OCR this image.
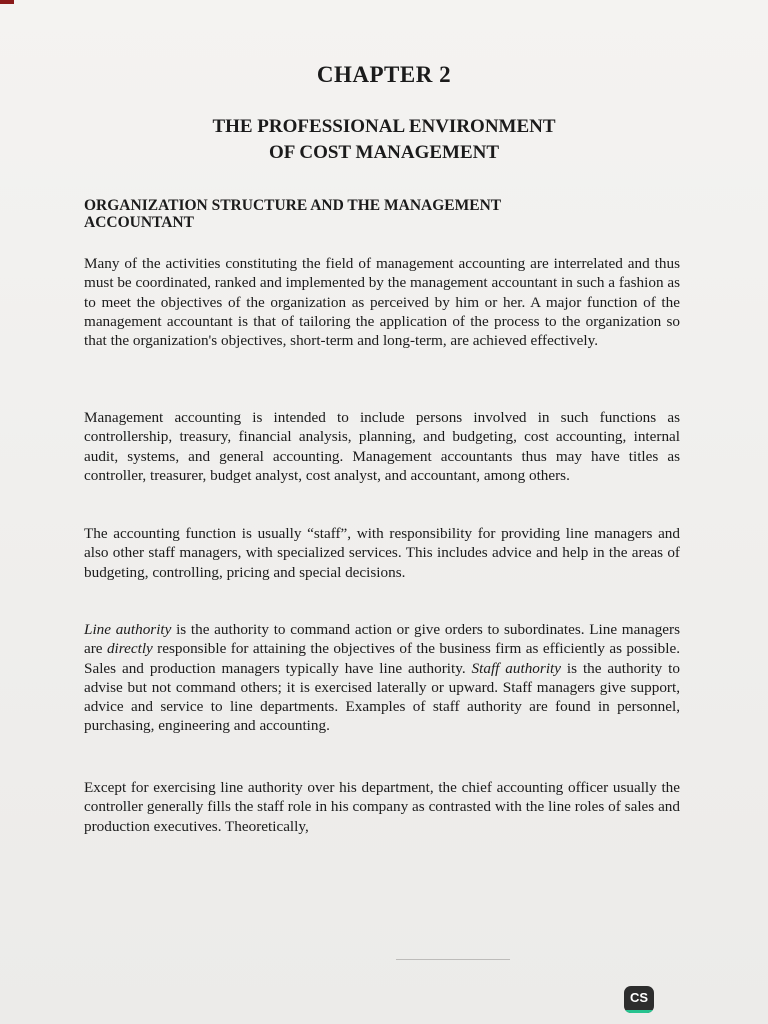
CHAPTER 2
THE PROFESSIONAL ENVIRONMENT
OF COST MANAGEMENT
ORGANIZATION STRUCTURE AND THE MANAGEMENT
ACCOUNTANT

Many of the activities constituting the field of management accounting are interrelated and thus must be coordinated, ranked and implemented by the management accountant in such a fashion as to meet the objectives of the organization as perceived by him or her. A major function of the management accountant is that of tailoring the application of the process to the organization so that the organization's objectives, short-term and long-term, are achieved effectively.

Management accounting is intended to include persons involved in such functions as controllership, treasury, financial analysis, planning, and budgeting, cost accounting, internal audit, systems, and general accounting. Management accountants thus may have titles as controller, treasurer, budget analyst, cost analyst, and accountant, among others.

The accounting function is usually “staff”, with responsibility for providing line managers and also other staff managers, with specialized services. This includes advice and help in the areas of budgeting, controlling, pricing and special decisions.

Line authority is the authority to command action or give orders to subordinates. Line managers are directly responsible for attaining the objectives of the business firm as efficiently as possible. Sales and production managers typically have line authority. Staff authority is the authority to advise but not command others; it is exercised laterally or upward. Staff managers give support, advice and service to line departments. Examples of staff authority are found in personnel, purchasing, engineering and accounting.

Except for exercising line authority over his department, the chief accounting officer usually the controller generally fills the staff role in his company as contrasted with the line roles of sales and production executives. Theoretically,

CS
